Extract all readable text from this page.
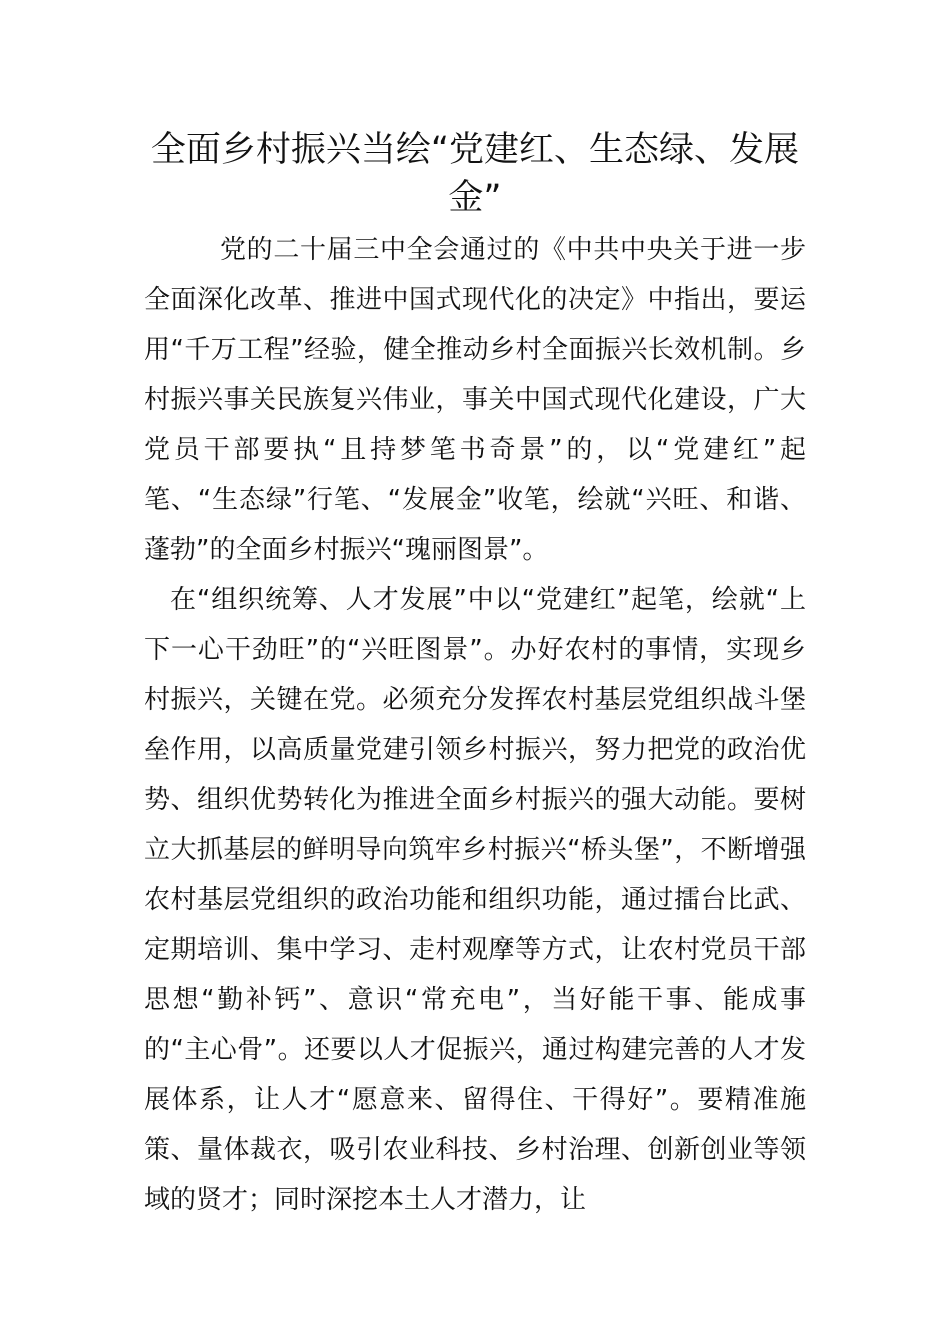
全面乡村振兴当绘“党建红、生态绿、发展金”

党的二十届三中全会通过的《中共中央关于进一步全面深化改革、推进中国式现代化的决定》中指出，要运用“千万工程”经验，健全推动乡村全面振兴长效机制。乡村振兴事关民族复兴伟业，事关中国式现代化建设，广大党员干部要执“且持梦笔书奇景”的，以“党建红”起笔、“生态绿”行笔、“发展金”收笔，绘就“兴旺、和谐、蓬勃”的全面乡村振兴“瑰丽图景”。

在“组织统筹、人才发展”中以“党建红”起笔，绘就“上下一心干劲旺”的“兴旺图景”。办好农村的事情，实现乡村振兴，关键在党。必须充分发挥农村基层党组织战斗堡垒作用，以高质量党建引领乡村振兴，努力把党的政治优势、组织优势转化为推进全面乡村振兴的强大动能。要树立大抓基层的鲜明导向筑牢乡村振兴“桥头堡”，不断增强农村基层党组织的政治功能和组织功能，通过擂台比武、定期培训、集中学习、走村观摩等方式，让农村党员干部思想“勤补钙”、意识“常充电”，当好能干事、能成事的“主心骨”。还要以人才促振兴，通过构建完善的人才发展体系，让人才“愿意来、留得住、干得好”。要精准施策、量体裁衣，吸引农业科技、乡村治理、创新创业等领域的贤才；同时深挖本土人才潜力，让
